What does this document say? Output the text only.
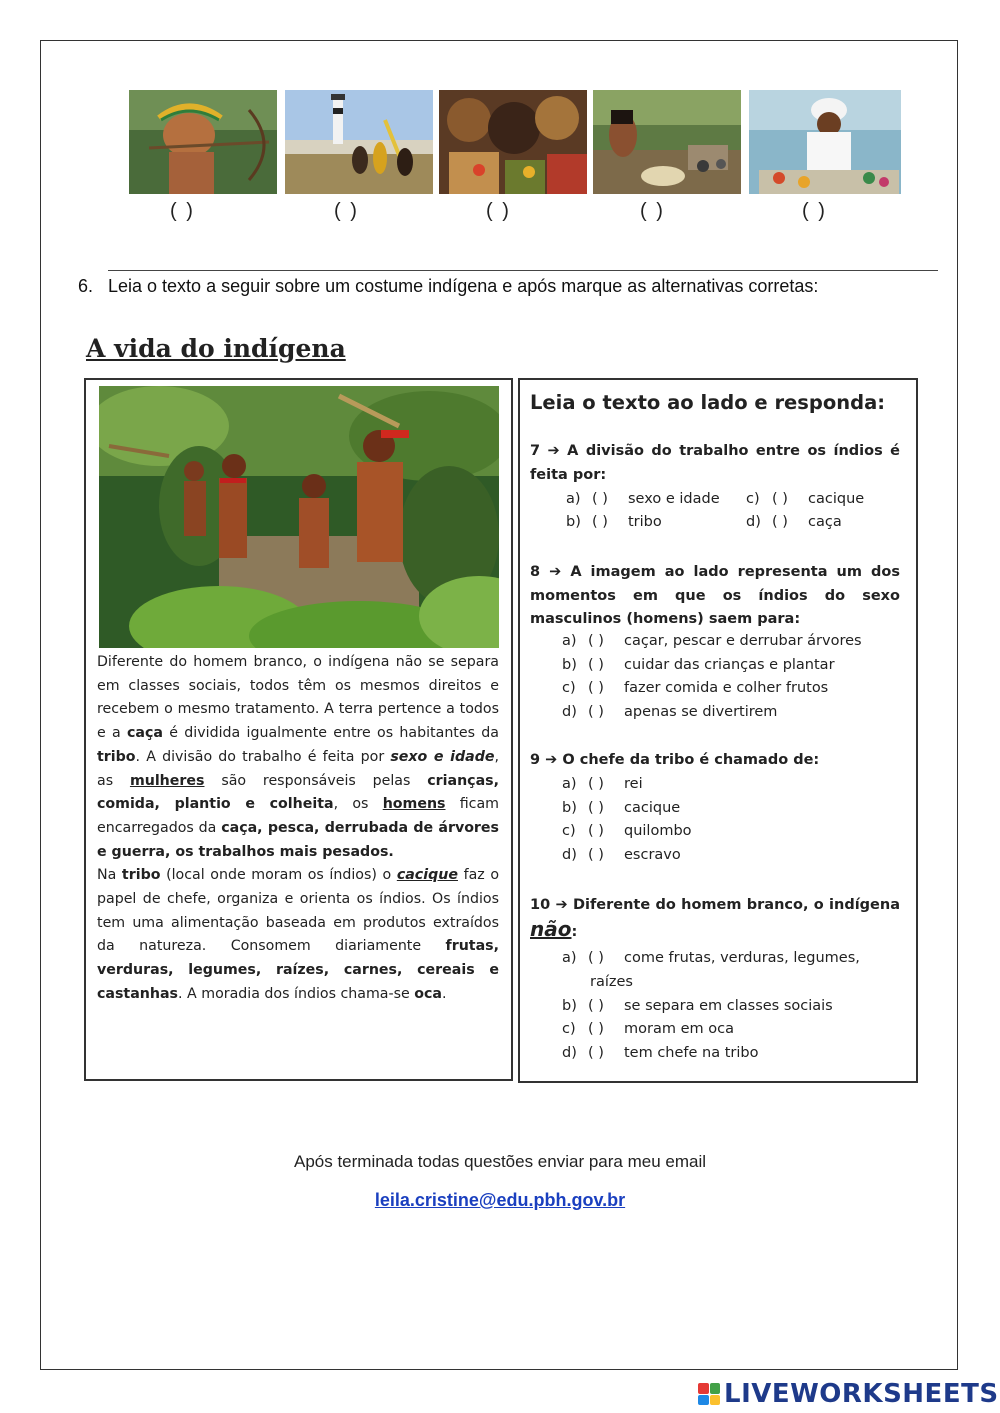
( )	( )	( )	( )	( )
6. Leia o texto a seguir sobre um costume indígena e após marque as alternativas corretas:
A vida do indígena

Diferente do homem branco, o indígena não se separa em classes sociais, todos têm os mesmos direitos e recebem o mesmo tratamento. A terra pertence a todos e a caça é dividida igualmente entre os habitantes da tribo. A divisão do trabalho é feita por sexo e idade, as mulheres são responsáveis pelas crianças, comida, plantio e colheita, os homens ficam encarregados da caça, pesca, derrubada de árvores e guerra, os trabalhos mais pesados.

Na tribo (local onde moram os índios) o cacique faz o papel de chefe, organiza e orienta os índios. Os índios tem uma alimentação baseada em produtos extraídos da natureza. Consomem diariamente frutas, verduras, legumes, raízes, carnes, cereais e castanhas. A moradia dos índios chama-se oca.

Leia o texto ao lado e responda:
7 ➔ A divisão do trabalho entre os índios é feita por:
a) ( ) sexo e idade
b) ( ) tribo
c) ( ) cacique
d) ( ) caça
8 ➔ A imagem ao lado representa um dos momentos em que os índios do sexo masculinos (homens) saem para:
a) ( ) caçar, pescar e derrubar árvores
b) ( ) cuidar das crianças e plantar
c) ( ) fazer comida e colher frutos
d) ( ) apenas se divertirem
9 ➔ O chefe da tribo é chamado de:
a) ( ) rei
b) ( ) cacique
c) ( ) quilombo
d) ( ) escravo
10 ➔ Diferente do homem branco, o indígena não:
a) ( ) come frutas, verduras, legumes,
raízes
b) ( ) se separa em classes sociais
c) ( ) moram em oca
d) ( ) tem chefe na tribo
Após terminada todas questões enviar para meu email
leila.cristine@edu.pbh.gov.br
LIVEWORKSHEETS
